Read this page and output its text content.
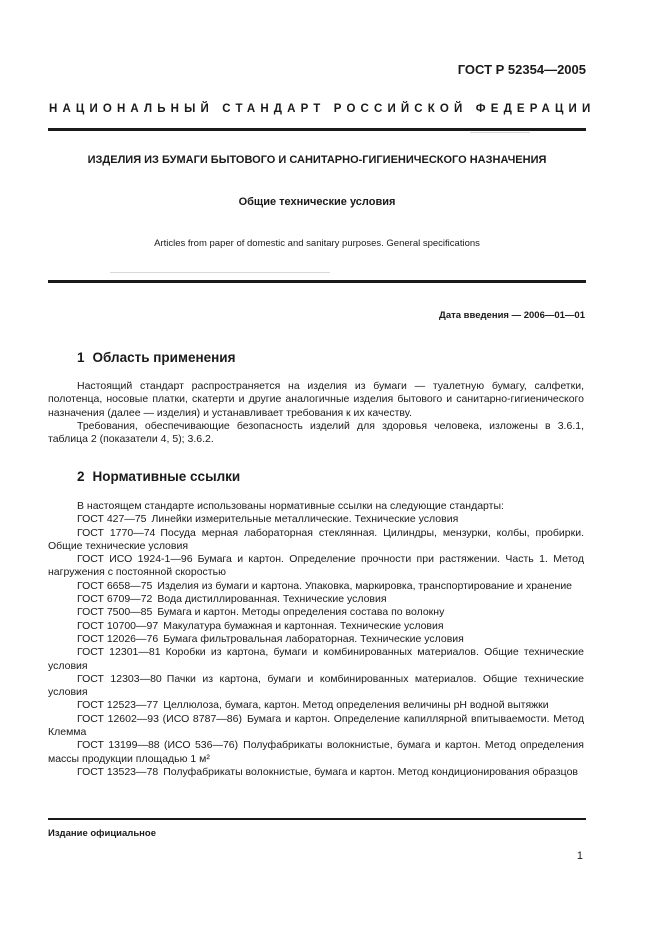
ГОСТ Р 52354—2005
НАЦИОНАЛЬНЫЙ СТАНДАРТ РОССИЙСКОЙ ФЕДЕРАЦИИ
ИЗДЕЛИЯ ИЗ БУМАГИ БЫТОВОГО И САНИТАРНО-ГИГИЕНИЧЕСКОГО НАЗНАЧЕНИЯ
Общие технические условия
Articles from paper of domestic and sanitary purposes. General specifications
Дата введения — 2006—01—01
1 Область применения

Настоящий стандарт распространяется на изделия из бумаги — туалетную бумагу, салфетки, полотенца, носовые платки, скатерти и другие аналогичные изделия бытового и санитарно-гигиенического назначения (далее — изделия) и устанавливает требования к их качеству.

Требования, обеспечивающие безопасность изделий для здоровья человека, изложены в 3.6.1, таблица 2 (показатели 4, 5); 3.6.2.

2 Нормативные ссылки

В настоящем стандарте использованы нормативные ссылки на следующие стандарты:

ГОСТ 427—75 Линейки измерительные металлические. Технические условия

ГОСТ 1770—74 Посуда мерная лабораторная стеклянная. Цилиндры, мензурки, колбы, пробирки. Общие технические условия

ГОСТ ИСО 1924-1—96 Бумага и картон. Определение прочности при растяжении. Часть 1. Метод нагружения с постоянной скоростью

ГОСТ 6658—75 Изделия из бумаги и картона. Упаковка, маркировка, транспортирование и хранение

ГОСТ 6709—72 Вода дистиллированная. Технические условия

ГОСТ 7500—85 Бумага и картон. Методы определения состава по волокну

ГОСТ 10700—97 Макулатура бумажная и картонная. Технические условия

ГОСТ 12026—76 Бумага фильтровальная лабораторная. Технические условия

ГОСТ 12301—81 Коробки из картона, бумаги и комбинированных материалов. Общие технические условия

ГОСТ 12303—80 Пачки из картона, бумаги и комбинированных материалов. Общие технические условия

ГОСТ 12523—77 Целлюлоза, бумага, картон. Метод определения величины pH водной вытяжки

ГОСТ 12602—93 (ИСО 8787—86) Бумага и картон. Определение капиллярной впитываемости. Метод Клемма

ГОСТ 13199—88 (ИСО 536—76) Полуфабрикаты волокнистые, бумага и картон. Метод определения массы продукции площадью 1 м²

ГОСТ 13523—78 Полуфабрикаты волокнистые, бумага и картон. Метод кондиционирования образцов

Издание официальное
1
